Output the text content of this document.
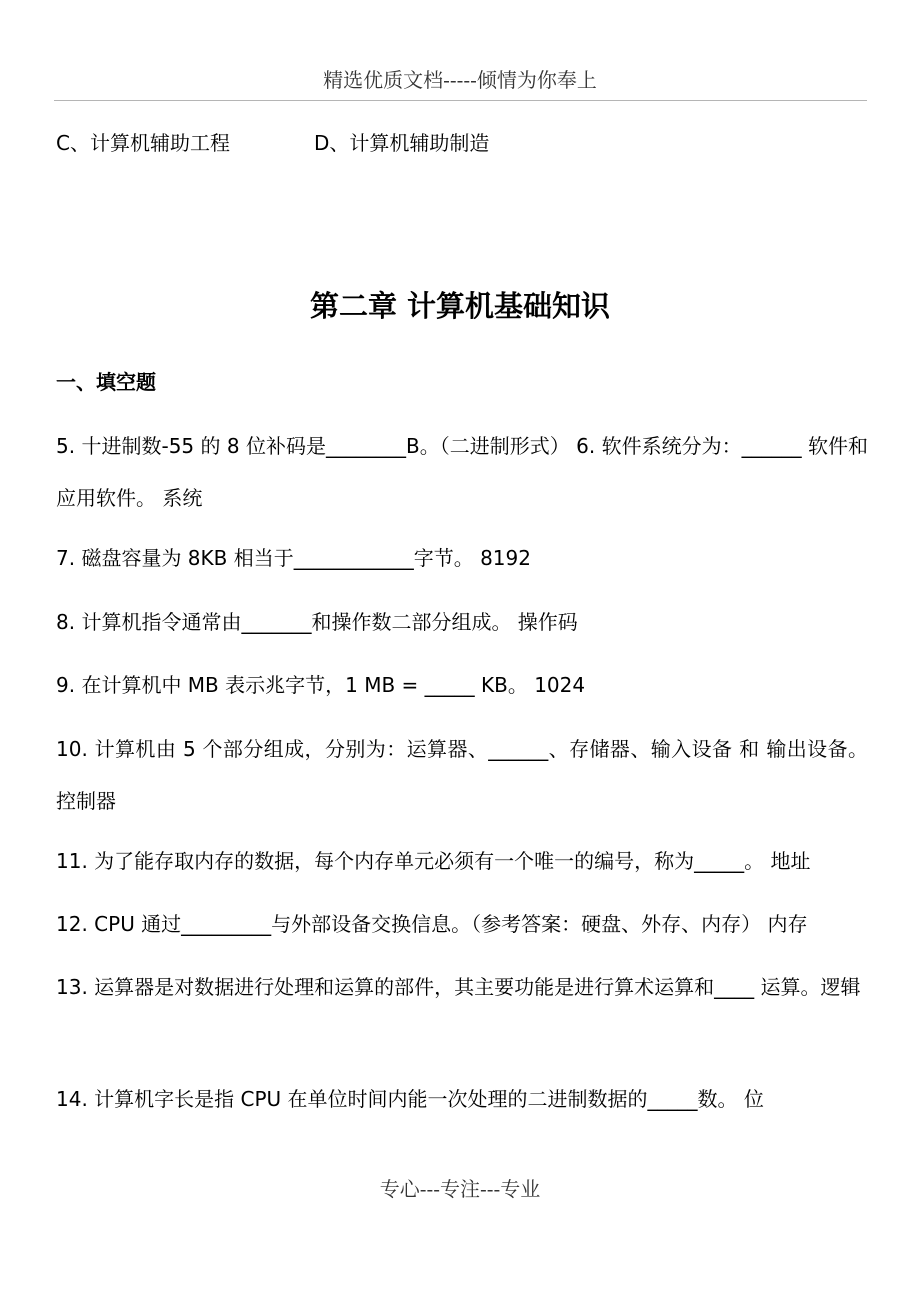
精选优质文档-----倾情为你奉上
C、计算机辅助工程	D、计算机辅助制造
第二章 计算机基础知识
一、填空题
5. 十进制数-55 的 8 位补码是________B。（二进制形式） 6. 软件系统分为：______ 软件和应用软件。 系统
7. 磁盘容量为 8KB 相当于____________字节。 8192
8. 计算机指令通常由_______和操作数二部分组成。 操作码
9. 在计算机中 MB 表示兆字节，1 MB = _____ KB。 1024
10. 计算机由 5 个部分组成，分别为：运算器、______、存储器、输入设备 和 输出设备。控制器
11. 为了能存取内存的数据，每个内存单元必须有一个唯一的编号，称为_____。 地址
12. CPU 通过_________与外部设备交换信息。（参考答案：硬盘、外存、内存） 内存
13. 运算器是对数据进行处理和运算的部件，其主要功能是进行算术运算和____ 运算。逻辑
14. 计算机字长是指 CPU 在单位时间内能一次处理的二进制数据的_____数。 位
专心---专注---专业
